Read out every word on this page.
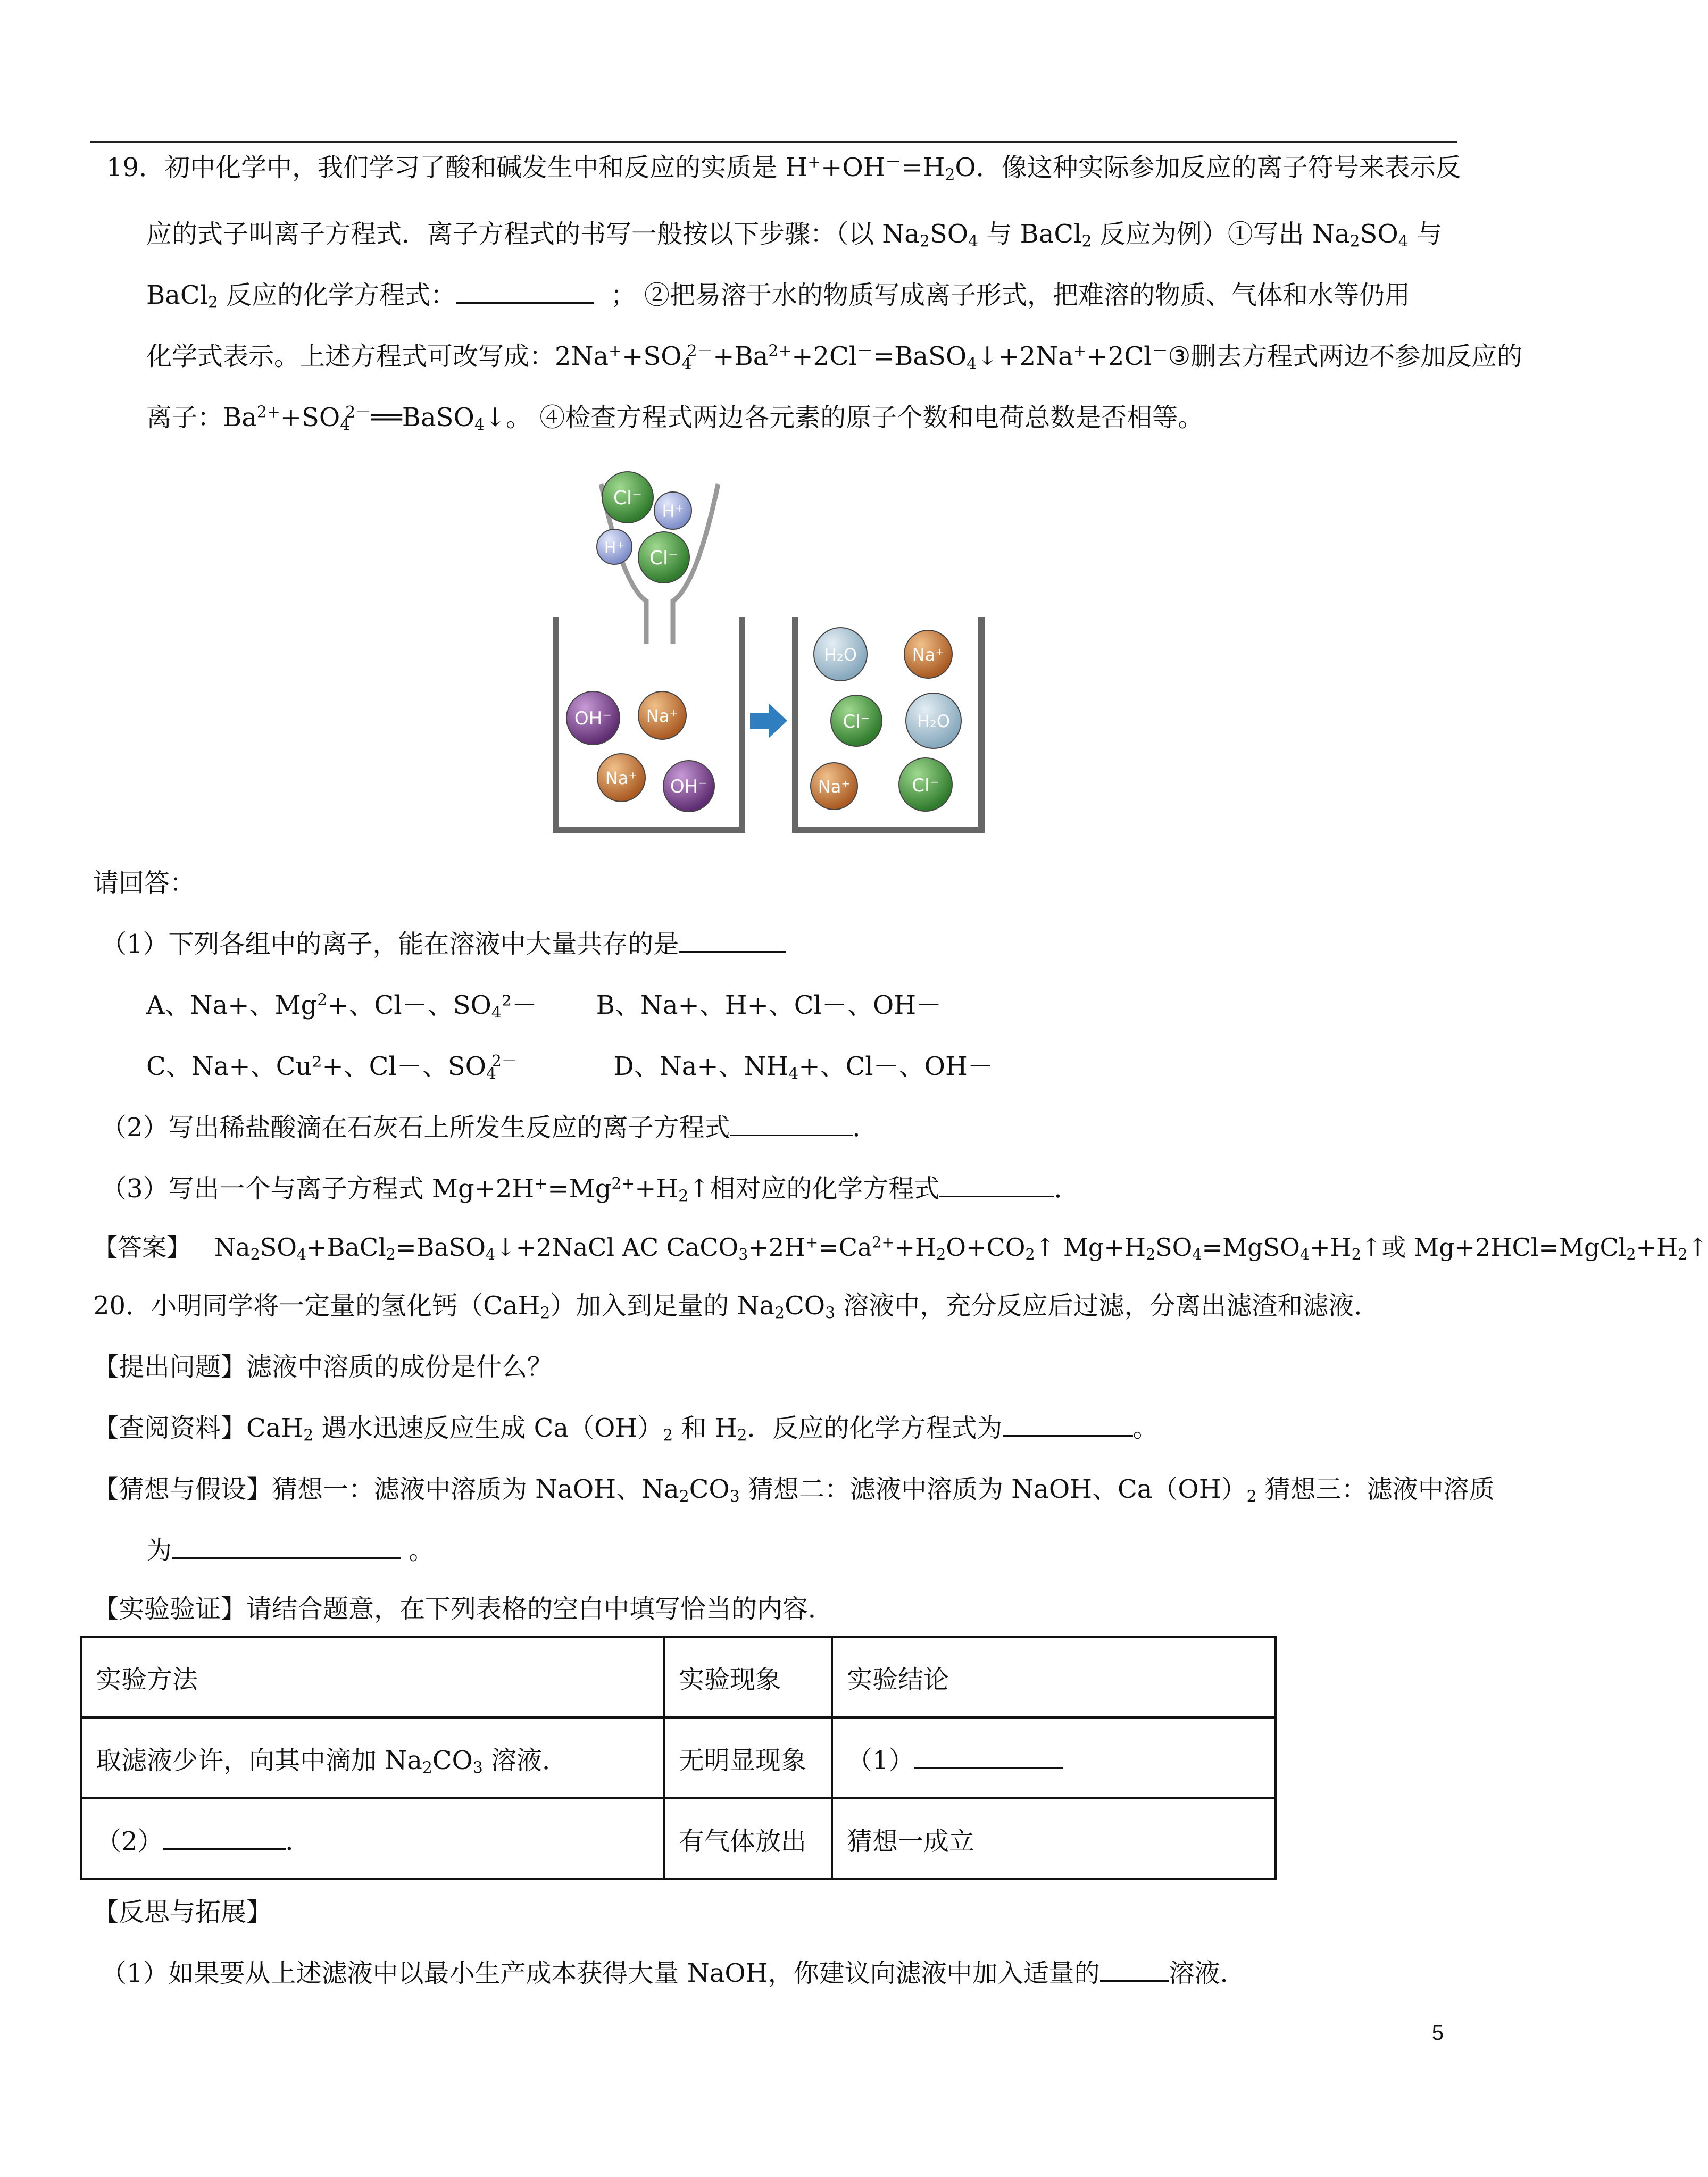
19．初中化学中，我们学习了酸和碱发生中和反应的实质是 $H^++OH^-=H_2O$．像这种实际参加反应的离子符号来表示反
应的式子叫离子方程式．离子方程式的书写一般按以下步骤：（以 $Na_2SO_4$ 与 BaCl$_2$ 反应为例）①写出 $Na_2SO_4$ 与
BaCl$_2$ 反应的化学方程式：	； ②把易溶于水的物质写成离子形式，把难溶的物质、气体和水等仍用
化学式表示。上述方程式可改写成：$2Na^++SO_4^{2-}+Ba^{2+}+2Cl^-=BaSO_4↓+2Na^++2Cl^-③$删去方程式两边不参加反应的
离子：$Ba^{2+}+SO_4^{2-}══BaSO_4↓$。 ④检查方程式两边各元素的原子个数和电荷总数是否相等。
Cl⁻
H⁺
H⁺ Cl⁻
OH⁻ Na⁺
Na⁺ OH⁻
H₂O	Na⁺
Cl⁻	H₂O
Na⁺	Cl⁻
请回答：
（1）下列各组中的离子，能在溶液中大量共存的是
A、Na+、$Mg^2+$、Cl－、$SO_4^2- B$、Na+、H+、Cl－、OH－
C、Na+、Cu²+、Cl－、$SO_4^{2-}$	D、Na+、$NH_4+$、Cl－、OH－
（2）写出稀盐酸滴在石灰石上所发生反应的离子方程式	．
（3）写出一个与离子方程式 $Mg+2H^+=Mg^{2+}+H_2↑$相对应的化学方程式	．
【答案】 $Na_2SO_4+BaCl_2=BaSO_4↓+2NaCl$ AC $CaCO_3+2H^+=Ca^{2+}+H_2O+CO_2↑$ $Mg+H_2SO_4=MgSO_4+H_2↑$或 $Mg+2HCl=MgCl_2+H_2↑$
20．小明同学将一定量的氢化钙（CaH$_2$）加入到足量的 $Na_2CO_3$ 溶液中，充分反应后过滤，分离出滤渣和滤液．
【提出问题】滤液中溶质的成份是什么？
【查阅资料】CaH$_2$ 遇水迅速反应生成 $Ca(OH)_2$ 和 $H_2$．反应的化学方程式为	。
【猜想与假设】猜想一：滤液中溶质为 NaOH、$Na_2CO_3$ 猜想二：滤液中溶质为 NaOH、$Ca(OH)_2$ 猜想三：滤液中溶质
为	。
【实验验证】请结合题意，在下列表格的空白中填写恰当的内容．
实验方法	实验现象	实验结论
取滤液少许，向其中滴加 $Na_2CO_3$ 溶液．	无明显现象	（1）
（2） ．	有气体放出	猜想一成立
【反思与拓展】
（1）如果要从上述滤液中以最小生产成本获得大量 NaOH，你建议向滤液中加入适量的	溶液．
5
